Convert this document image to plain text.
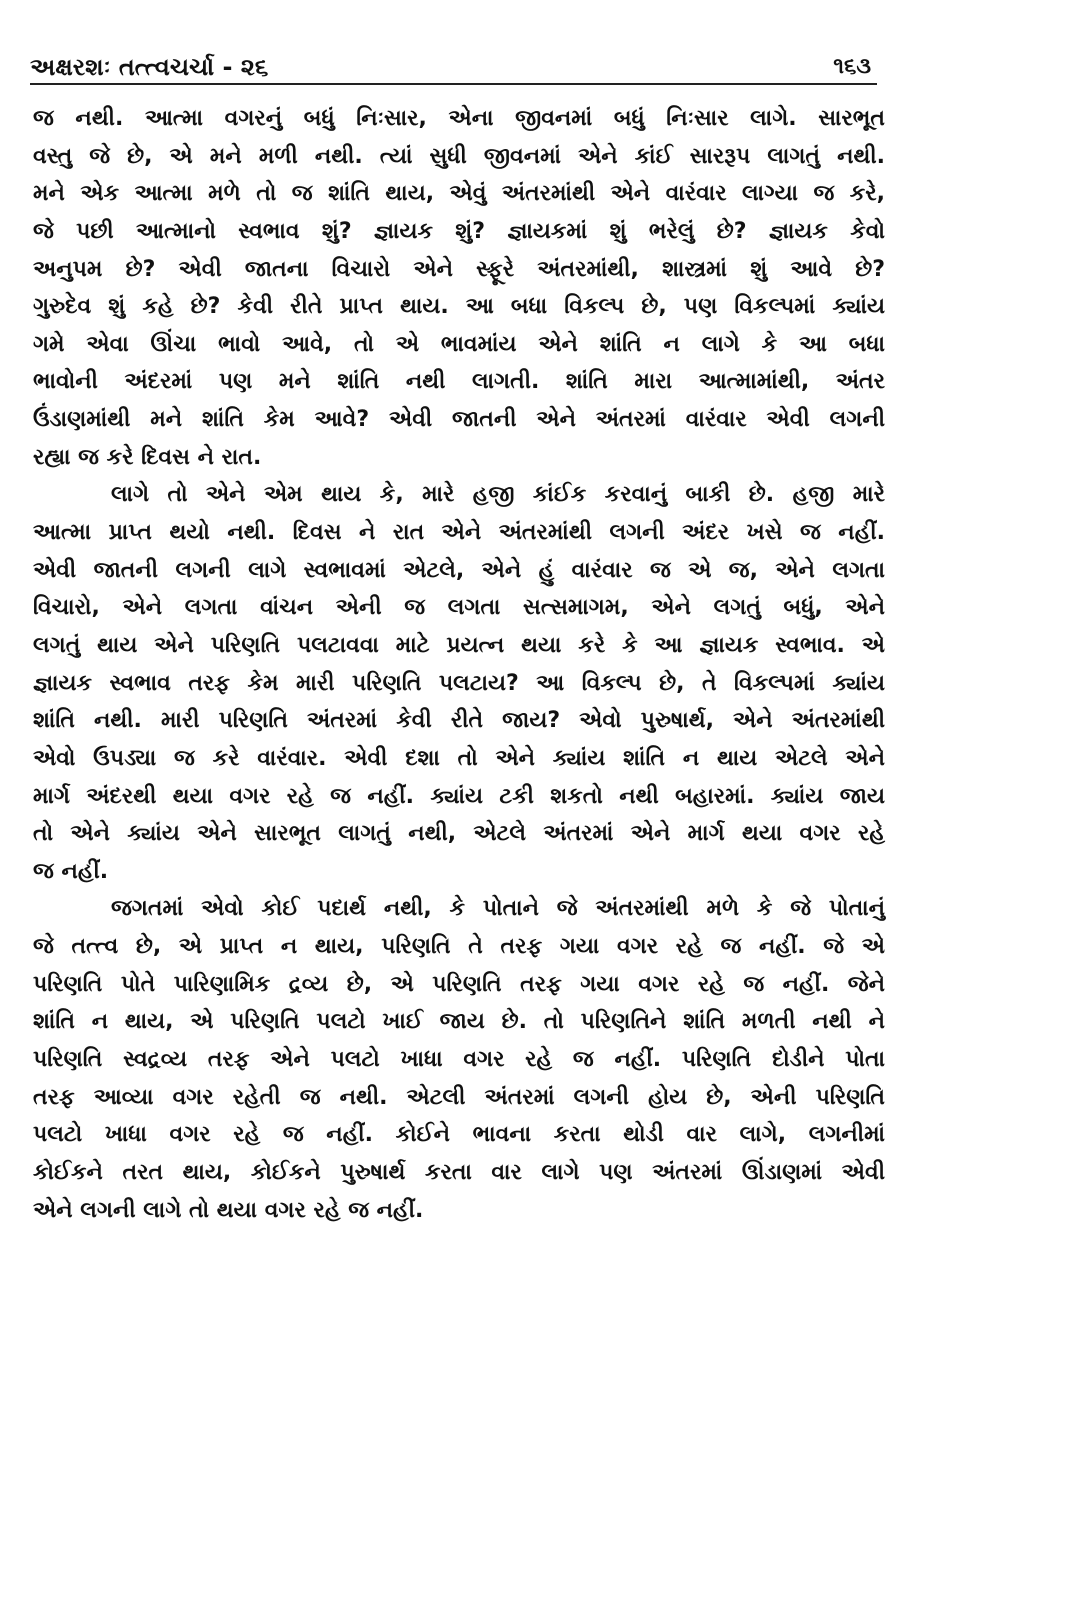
અક્ષરશઃ તત્ત્વચર્ચા - ૨૬	૧૬૩
જ નથી. આત્મા વગરનું બધું નિઃસાર, એના જીવનમાં બધું નિઃસાર લાગે. સારભૂત
વસ્તુ જે છે, એ મને મળી નથી. ત્યાં સુધી જીવનમાં એને કાંઈ સારરૂપ લાગતું નથી.
મને એક આત્મા મળે તો જ શાંતિ થાય, એવું અંતરમાંથી એને વારંવાર લાગ્યા જ કરે,
જે પછી આત્માનો સ્વભાવ શું? જ્ઞાયક શું? જ્ઞાયકમાં શું ભરેલું છે? જ્ઞાયક કેવો
અનુપમ છે? એવી જાતના વિચારો એને સ્ફૂરે અંતરમાંથી, શાસ્ત્રમાં શું આવે છે?
ગુરુદેવ શું કહે છે? કેવી રીતે પ્રાપ્ત થાય. આ બધા વિકલ્પ છે, પણ વિકલ્પમાં ક્યાંય
ગમે એવા ઊંચા ભાવો આવે, તો એ ભાવમાંય એને શાંતિ ન લાગે કે આ બધા
ભાવોની અંદરમાં પણ મને શાંતિ નથી લાગતી. શાંતિ મારા આત્મામાંથી, અંતર
ઉંડાણમાંથી મને શાંતિ કેમ આવે? એવી જાતની એને અંતરમાં વારંવાર એવી લગની
રહ્યા જ કરે દિવસ ને રાત.
લાગે તો એને એમ થાય કે, મારે હજી કાંઈક કરવાનું બાકી છે. હજી મારે
આત્મા પ્રાપ્ત થયો નથી. દિવસ ને રાત એને અંતરમાંથી લગની અંદર ખસે જ નહીં.
એવી જાતની લગની લાગે સ્વભાવમાં એટલે, એને હું વારંવાર જ એ જ, એને લગતા
વિચારો, એને લગતા વાંચન એની જ લગતા સત્સમાગમ, એને લગતું બધું, એને
લગતું થાય એને પરિણતિ પલટાવવા માટે પ્રયત્ન થયા કરે કે આ જ્ઞાયક સ્વભાવ. એ
જ્ઞાયક સ્વભાવ તરફ કેમ મારી પરિણતિ પલટાય? આ વિકલ્પ છે, તે વિકલ્પમાં ક્યાંય
શાંતિ નથી. મારી પરિણતિ અંતરમાં કેવી રીતે જાય? એવો પુરુષાર્થ, એને અંતરમાંથી
એવો ઉપડ્યા જ કરે વારંવાર. એવી દશા તો એને ક્યાંય શાંતિ ન થાય એટલે એને
માર્ગ અંદરથી થયા વગર રહે જ નહીં. ક્યાંય ટકી શકતો નથી બહારમાં. ક્યાંય જાય
તો એને ક્યાંય એને સારભૂત લાગતું નથી, એટલે અંતરમાં એને માર્ગ થયા વગર રહે
જ નહીં.
જગતમાં એવો કોઈ પદાર્થ નથી, કે પોતાને જે અંતરમાંથી મળે કે જે પોતાનું
જે તત્ત્વ છે, એ પ્રાપ્ત ન થાય, પરિણતિ તે તરફ ગયા વગર રહે જ નહીં. જે એ
પરિણતિ પોતે પારિણામિક દ્રવ્ય છે, એ પરિણતિ તરફ ગયા વગર રહે જ નહીં. જેને
શાંતિ ન થાય, એ પરિણતિ પલટો ખાઈ જાય છે. તો પરિણતિને શાંતિ મળતી નથી ને
પરિણતિ સ્વદ્રવ્ય તરફ એને પલટો ખાધા વગર રહે જ નહીં. પરિણતિ દોડીને પોતા
તરફ આવ્યા વગર રહેતી જ નથી. એટલી અંતરમાં લગની હોય છે, એની પરિણતિ
પલટો ખાધા વગર રહે જ નહીં. કોઈને ભાવના કરતા થોડી વાર લાગે, લગનીમાં
કોઈકને તરત થાય, કોઈકને પુરુષાર્થ કરતા વાર લાગે પણ અંતરમાં ઊંડાણમાં એવી
એને લગની લાગે તો થયા વગર રહે જ નહીં.
